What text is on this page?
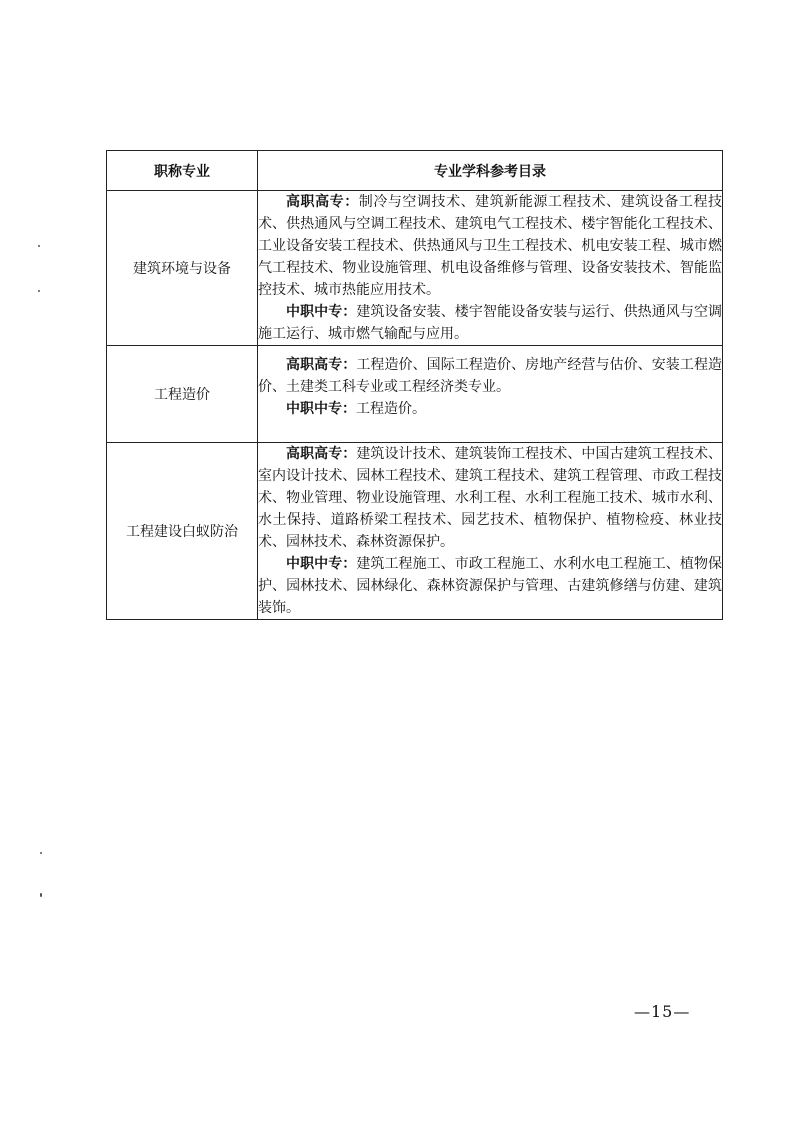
职称专业	专业学科参考目录
建筑环境与设备	高职高专：制冷与空调技术、建筑新能源工程技术、建筑设备工程技术、供热通风与空调工程技术、建筑电气工程技术、楼宇智能化工程技术、工业设备安装工程技术、供热通风与卫生工程技术、机电安装工程、城市燃气工程技术、物业设施管理、机电设备维修与管理、设备安装技术、智能监控技术、城市热能应用技术。

中职中专：建筑设备安装、楼宇智能设备安装与运行、供热通风与空调施工运行、城市燃气输配与应用。

工程造价	高职高专：工程造价、国际工程造价、房地产经营与估价、安装工程造价、土建类工科专业或工程经济类专业。

中职中专：工程造价。

工程建设白蚁防治	高职高专：建筑设计技术、建筑装饰工程技术、中国古建筑工程技术、室内设计技术、园林工程技术、建筑工程技术、建筑工程管理、市政工程技术、物业管理、物业设施管理、水利工程、水利工程施工技术、城市水利、水土保持、道路桥梁工程技术、园艺技术、植物保护、植物检疫、林业技术、园林技术、森林资源保护。

中职中专：建筑工程施工、市政工程施工、水利水电工程施工、植物保护、园林技术、园林绿化、森林资源保护与管理、古建筑修缮与仿建、建筑装饰。

—15—
